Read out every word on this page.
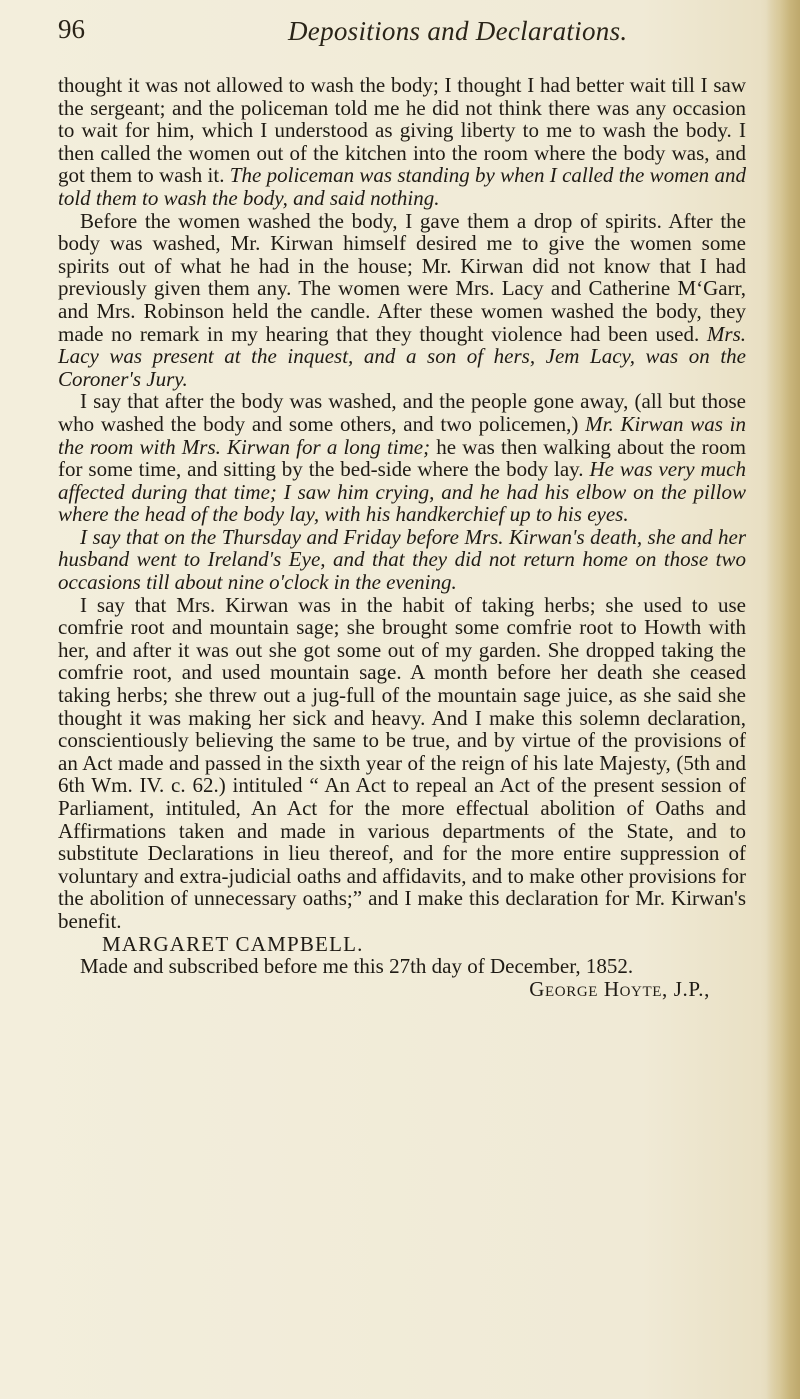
96	Depositions and Declarations.

thought it was not allowed to wash the body; I thought I had better wait till I saw the sergeant; and the policeman told me he did not think there was any occasion to wait for him, which I understood as giving liberty to me to wash the body. I then called the women out of the kitchen into the room where the body was, and got them to wash it. The policeman was standing by when I called the women and told them to wash the body, and said nothing.

Before the women washed the body, I gave them a drop of spirits. After the body was washed, Mr. Kirwan himself desired me to give the women some spirits out of what he had in the house; Mr. Kirwan did not know that I had previously given them any. The women were Mrs. Lacy and Catherine M‘Garr, and Mrs. Robinson held the candle. After these women washed the body, they made no remark in my hearing that they thought violence had been used. Mrs. Lacy was present at the inquest, and a son of hers, Jem Lacy, was on the Coroner's Jury.

I say that after the body was washed, and the people gone away, (all but those who washed the body and some others, and two policemen,) Mr. Kirwan was in the room with Mrs. Kirwan for a long time; he was then walking about the room for some time, and sitting by the bed-side where the body lay. He was very much affected during that time; I saw him crying, and he had his elbow on the pillow where the head of the body lay, with his handkerchief up to his eyes.

I say that on the Thursday and Friday before Mrs. Kirwan's death, she and her husband went to Ireland's Eye, and that they did not return home on those two occasions till about nine o'clock in the evening.

I say that Mrs. Kirwan was in the habit of taking herbs; she used to use comfrie root and mountain sage; she brought some comfrie root to Howth with her, and after it was out she got some out of my garden. She dropped taking the comfrie root, and used mountain sage. A month before her death she ceased taking herbs; she threw out a jug-full of the mountain sage juice, as she said she thought it was making her sick and heavy. And I make this solemn declaration, conscientiously believing the same to be true, and by virtue of the provisions of an Act made and passed in the sixth year of the reign of his late Majesty, (5th and 6th Wm. IV. c. 62.) intituled “ An Act to repeal an Act of the present session of Parliament, intituled, An Act for the more effectual abolition of Oaths and Affirmations taken and made in various departments of the State, and to substitute Declarations in lieu thereof, and for the more entire suppression of voluntary and extra-judicial oaths and affidavits, and to make other provisions for the abolition of unnecessary oaths;” and I make this declaration for Mr. Kirwan's benefit.

MARGARET CAMPBELL.

Made and subscribed before me this 27th day of December, 1852.

George Hoyte, J.P.,
